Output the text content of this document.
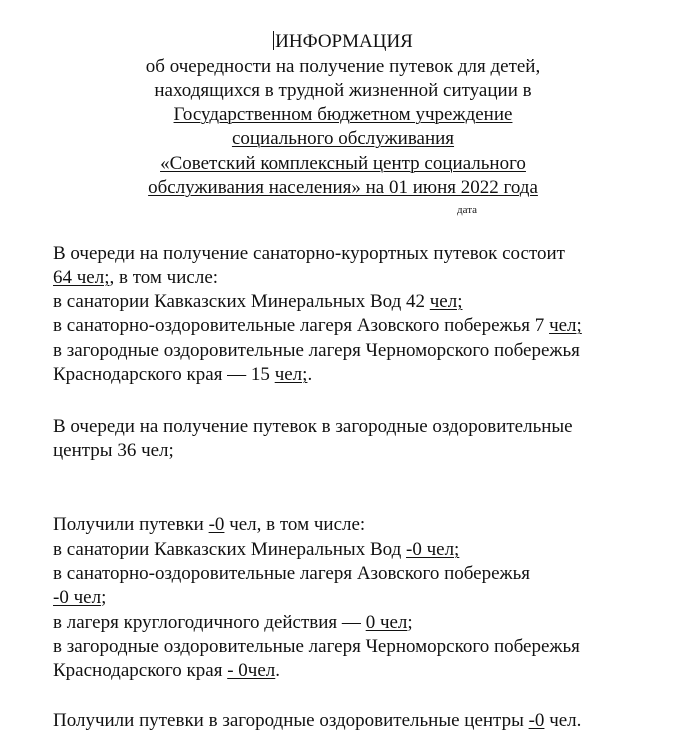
ИНФОРМАЦИЯ
об очередности на получение путевок для детей,
находящихся в трудной жизненной ситуации в
Государственном бюджетном учреждение
социального обслуживания
«Советский комплексный центр социального
обслуживания населения» на 01 июня 2022 года
дата
В очереди на получение санаторно-курортных путевок состоит
64 чел;, в том числе:
в санатории Кавказских Минеральных Вод 42 чел;
в санаторно-оздоровительные лагеря Азовского побережья 7 чел;
в загородные оздоровительные лагеря Черноморского побережья
Краснодарского края — 15 чел;.
В очереди на получение путевок в загородные оздоровительные
центры 36 чел;
Получили путевки -0 чел, в том числе:
в санатории Кавказских Минеральных Вод -0 чел;
в санаторно-оздоровительные лагеря Азовского побережья
-0 чел;
в лагеря круглогодичного действия — 0 чел;
в загородные оздоровительные лагеря Черноморского побережья
Краснодарского края - 0чел.
Получили путевки в загородные оздоровительные центры -0 чел.
